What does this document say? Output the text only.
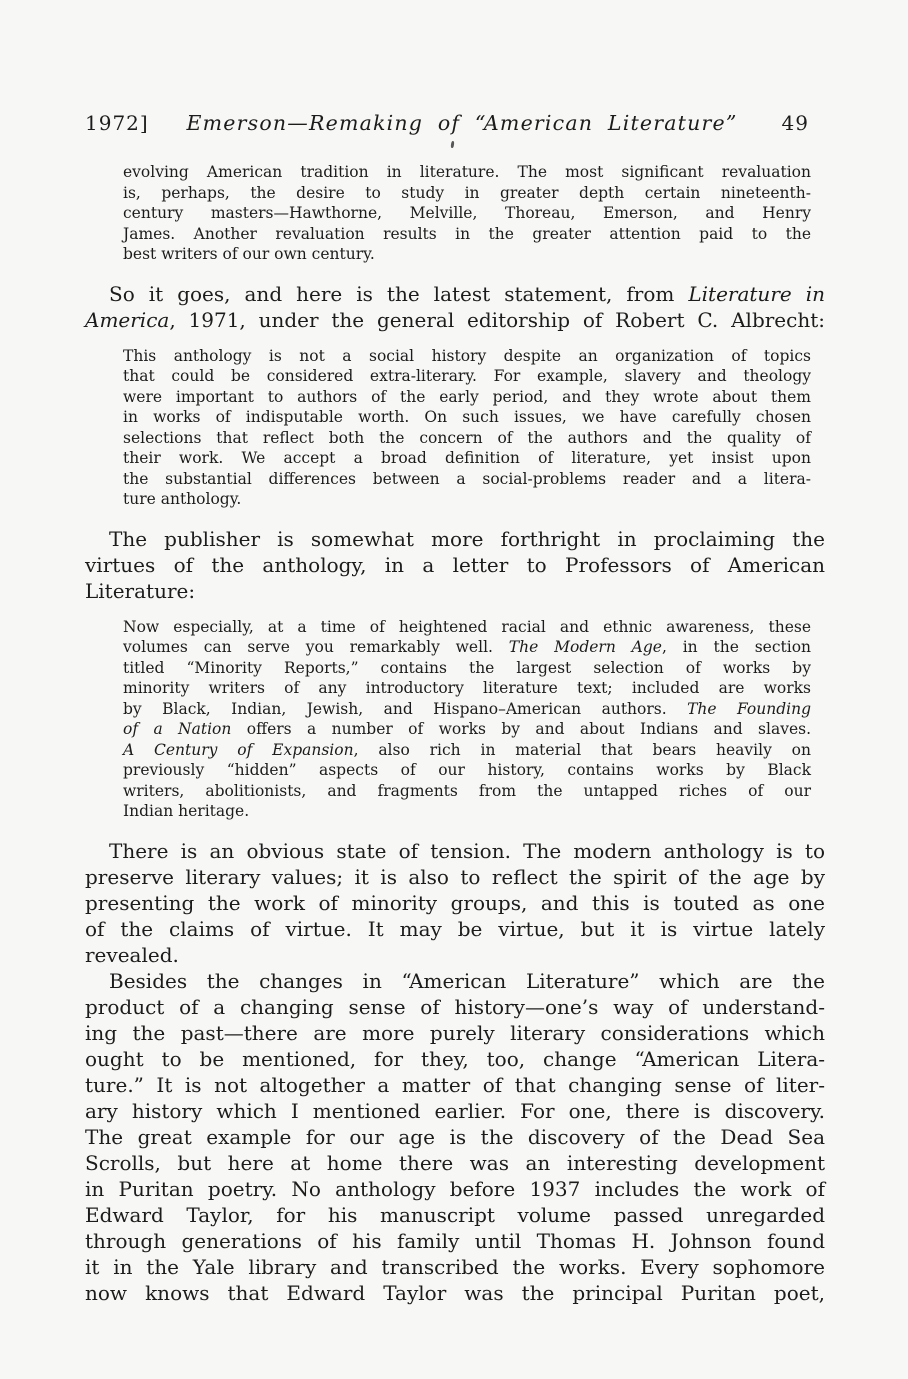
1972]	Emerson—Remaking of “American Literature”	49
evolving American tradition in literature. The most significant revaluation
is, perhaps, the desire to study in greater depth certain nineteenth-
century masters—Hawthorne, Melville, Thoreau, Emerson, and Henry
James. Another revaluation results in the greater attention paid to the
best writers of our own century.
So it goes, and here is the latest statement, from Literature in
America, 1971, under the general editorship of Robert C. Albrecht:
This anthology is not a social history despite an organization of topics
that could be considered extra-literary. For example, slavery and theology
were important to authors of the early period, and they wrote about them
in works of indisputable worth. On such issues, we have carefully chosen
selections that reflect both the concern of the authors and the quality of
their work. We accept a broad definition of literature, yet insist upon
the substantial differences between a social-problems reader and a litera-
ture anthology.
The publisher is somewhat more forthright in proclaiming the
virtues of the anthology, in a letter to Professors of American
Literature:
Now especially, at a time of heightened racial and ethnic awareness, these
volumes can serve you remarkably well. The Modern Age, in the section
titled “Minority Reports,” contains the largest selection of works by
minority writers of any introductory literature text; included are works
by Black, Indian, Jewish, and Hispano–American authors. The Founding
of a Nation offers a number of works by and about Indians and slaves.
A Century of Expansion, also rich in material that bears heavily on
previously “hidden” aspects of our history, contains works by Black
writers, abolitionists, and fragments from the untapped riches of our
Indian heritage.
There is an obvious state of tension. The modern anthology is to
preserve literary values; it is also to reflect the spirit of the age by
presenting the work of minority groups, and this is touted as one
of the claims of virtue. It may be virtue, but it is virtue lately
revealed.
Besides the changes in “American Literature” which are the
product of a changing sense of history—one’s way of understand-
ing the past—there are more purely literary considerations which
ought to be mentioned, for they, too, change “American Litera-
ture.” It is not altogether a matter of that changing sense of liter-
ary history which I mentioned earlier. For one, there is discovery.
The great example for our age is the discovery of the Dead Sea
Scrolls, but here at home there was an interesting development
in Puritan poetry. No anthology before 1937 includes the work of
Edward Taylor, for his manuscript volume passed unregarded
through generations of his family until Thomas H. Johnson found
it in the Yale library and transcribed the works. Every sophomore
now knows that Edward Taylor was the principal Puritan poet,
